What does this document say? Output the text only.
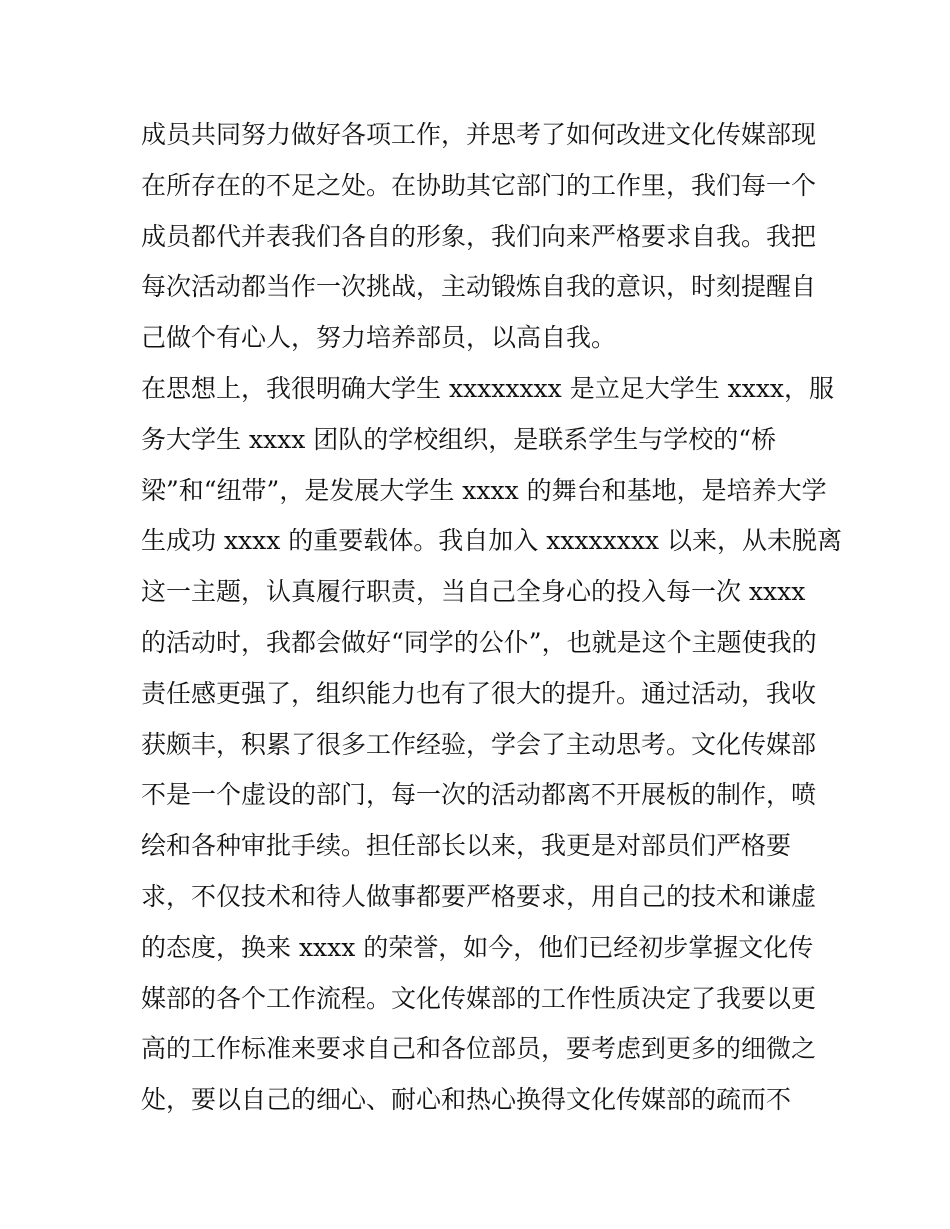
成员共同努力做好各项工作，并思考了如何改进文化传媒部现
在所存在的不足之处。在协助其它部门的工作里，我们每一个
成员都代并表我们各自的形象，我们向来严格要求自我。我把
每次活动都当作一次挑战，主动锻炼自我的意识，时刻提醒自
己做个有心人，努力培养部员，以高自我。
在思想上，我很明确大学生 xxxxxxxx 是立足大学生 xxxx，服
务大学生 xxxx 团队的学校组织，是联系学生与学校的“桥
梁”和“纽带”，是发展大学生 xxxx 的舞台和基地，是培养大学
生成功 xxxx 的重要载体。我自加入 xxxxxxxx 以来，从未脱离
这一主题，认真履行职责，当自己全身心的投入每一次 xxxx
的活动时，我都会做好“同学的公仆”，也就是这个主题使我的
责任感更强了，组织能力也有了很大的提升。通过活动，我收
获颇丰，积累了很多工作经验，学会了主动思考。文化传媒部
不是一个虚设的部门，每一次的活动都离不开展板的制作，喷
绘和各种审批手续。担任部长以来，我更是对部员们严格要
求，不仅技术和待人做事都要严格要求，用自己的技术和谦虚
的态度，换来 xxxx 的荣誉，如今，他们已经初步掌握文化传
媒部的各个工作流程。文化传媒部的工作性质决定了我要以更
高的工作标准来要求自己和各位部员，要考虑到更多的细微之
处，要以自己的细心、耐心和热心换得文化传媒部的疏而不
